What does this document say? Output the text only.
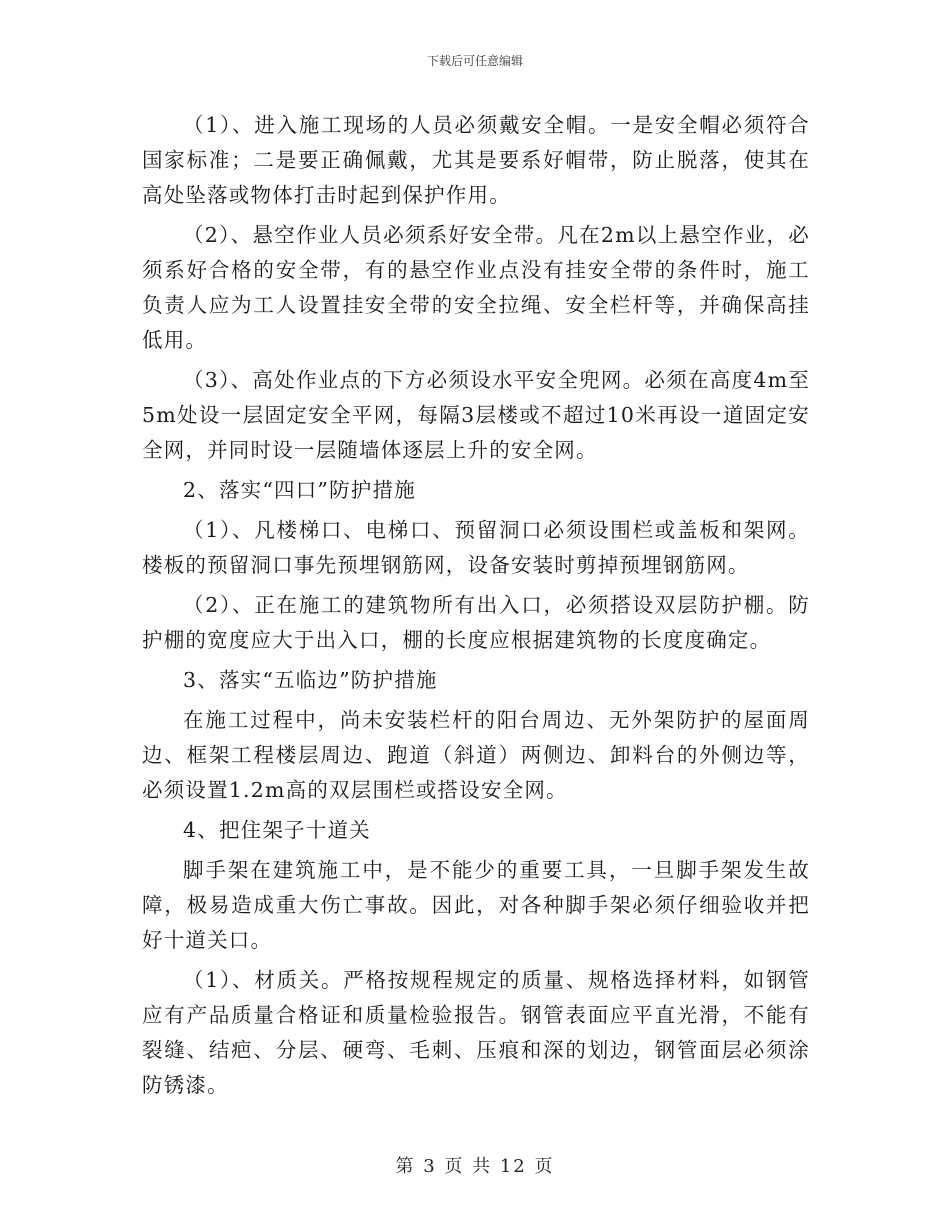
下载后可任意编辑

（1）、进入施工现场的人员必须戴安全帽。一是安全帽必须符合国家标准；二是要正确佩戴，尤其是要系好帽带，防止脱落，使其在高处坠落或物体打击时起到保护作用。

（2）、悬空作业人员必须系好安全带。凡在2m以上悬空作业，必须系好合格的安全带，有的悬空作业点没有挂安全带的条件时，施工负责人应为工人设置挂安全带的安全拉绳、安全栏杆等，并确保高挂低用。

（3）、高处作业点的下方必须设水平安全兜网。必须在高度4m至5m处设一层固定安全平网，每隔3层楼或不超过10米再设一道固定安全网，并同时设一层随墙体逐层上升的安全网。

2、落实“四口”防护措施

（1）、凡楼梯口、电梯口、预留洞口必须设围栏或盖板和架网。楼板的预留洞口事先预埋钢筋网，设备安装时剪掉预埋钢筋网。

（2）、正在施工的建筑物所有出入口，必须搭设双层防护棚。防护棚的宽度应大于出入口，棚的长度应根据建筑物的长度度确定。

3、落实“五临边”防护措施

在施工过程中，尚未安装栏杆的阳台周边、无外架防护的屋面周边、框架工程楼层周边、跑道（斜道）两侧边、卸料台的外侧边等，必须设置1.2m高的双层围栏或搭设安全网。

4、把住架子十道关

脚手架在建筑施工中，是不能少的重要工具，一旦脚手架发生故障，极易造成重大伤亡事故。因此，对各种脚手架必须仔细验收并把好十道关口。

（1）、材质关。严格按规程规定的质量、规格选择材料，如钢管应有产品质量合格证和质量检验报告。钢管表面应平直光滑，不能有裂缝、结疤、分层、硬弯、毛刺、压痕和深的划边，钢管面层必须涂防锈漆。

第 3 页 共 12 页
